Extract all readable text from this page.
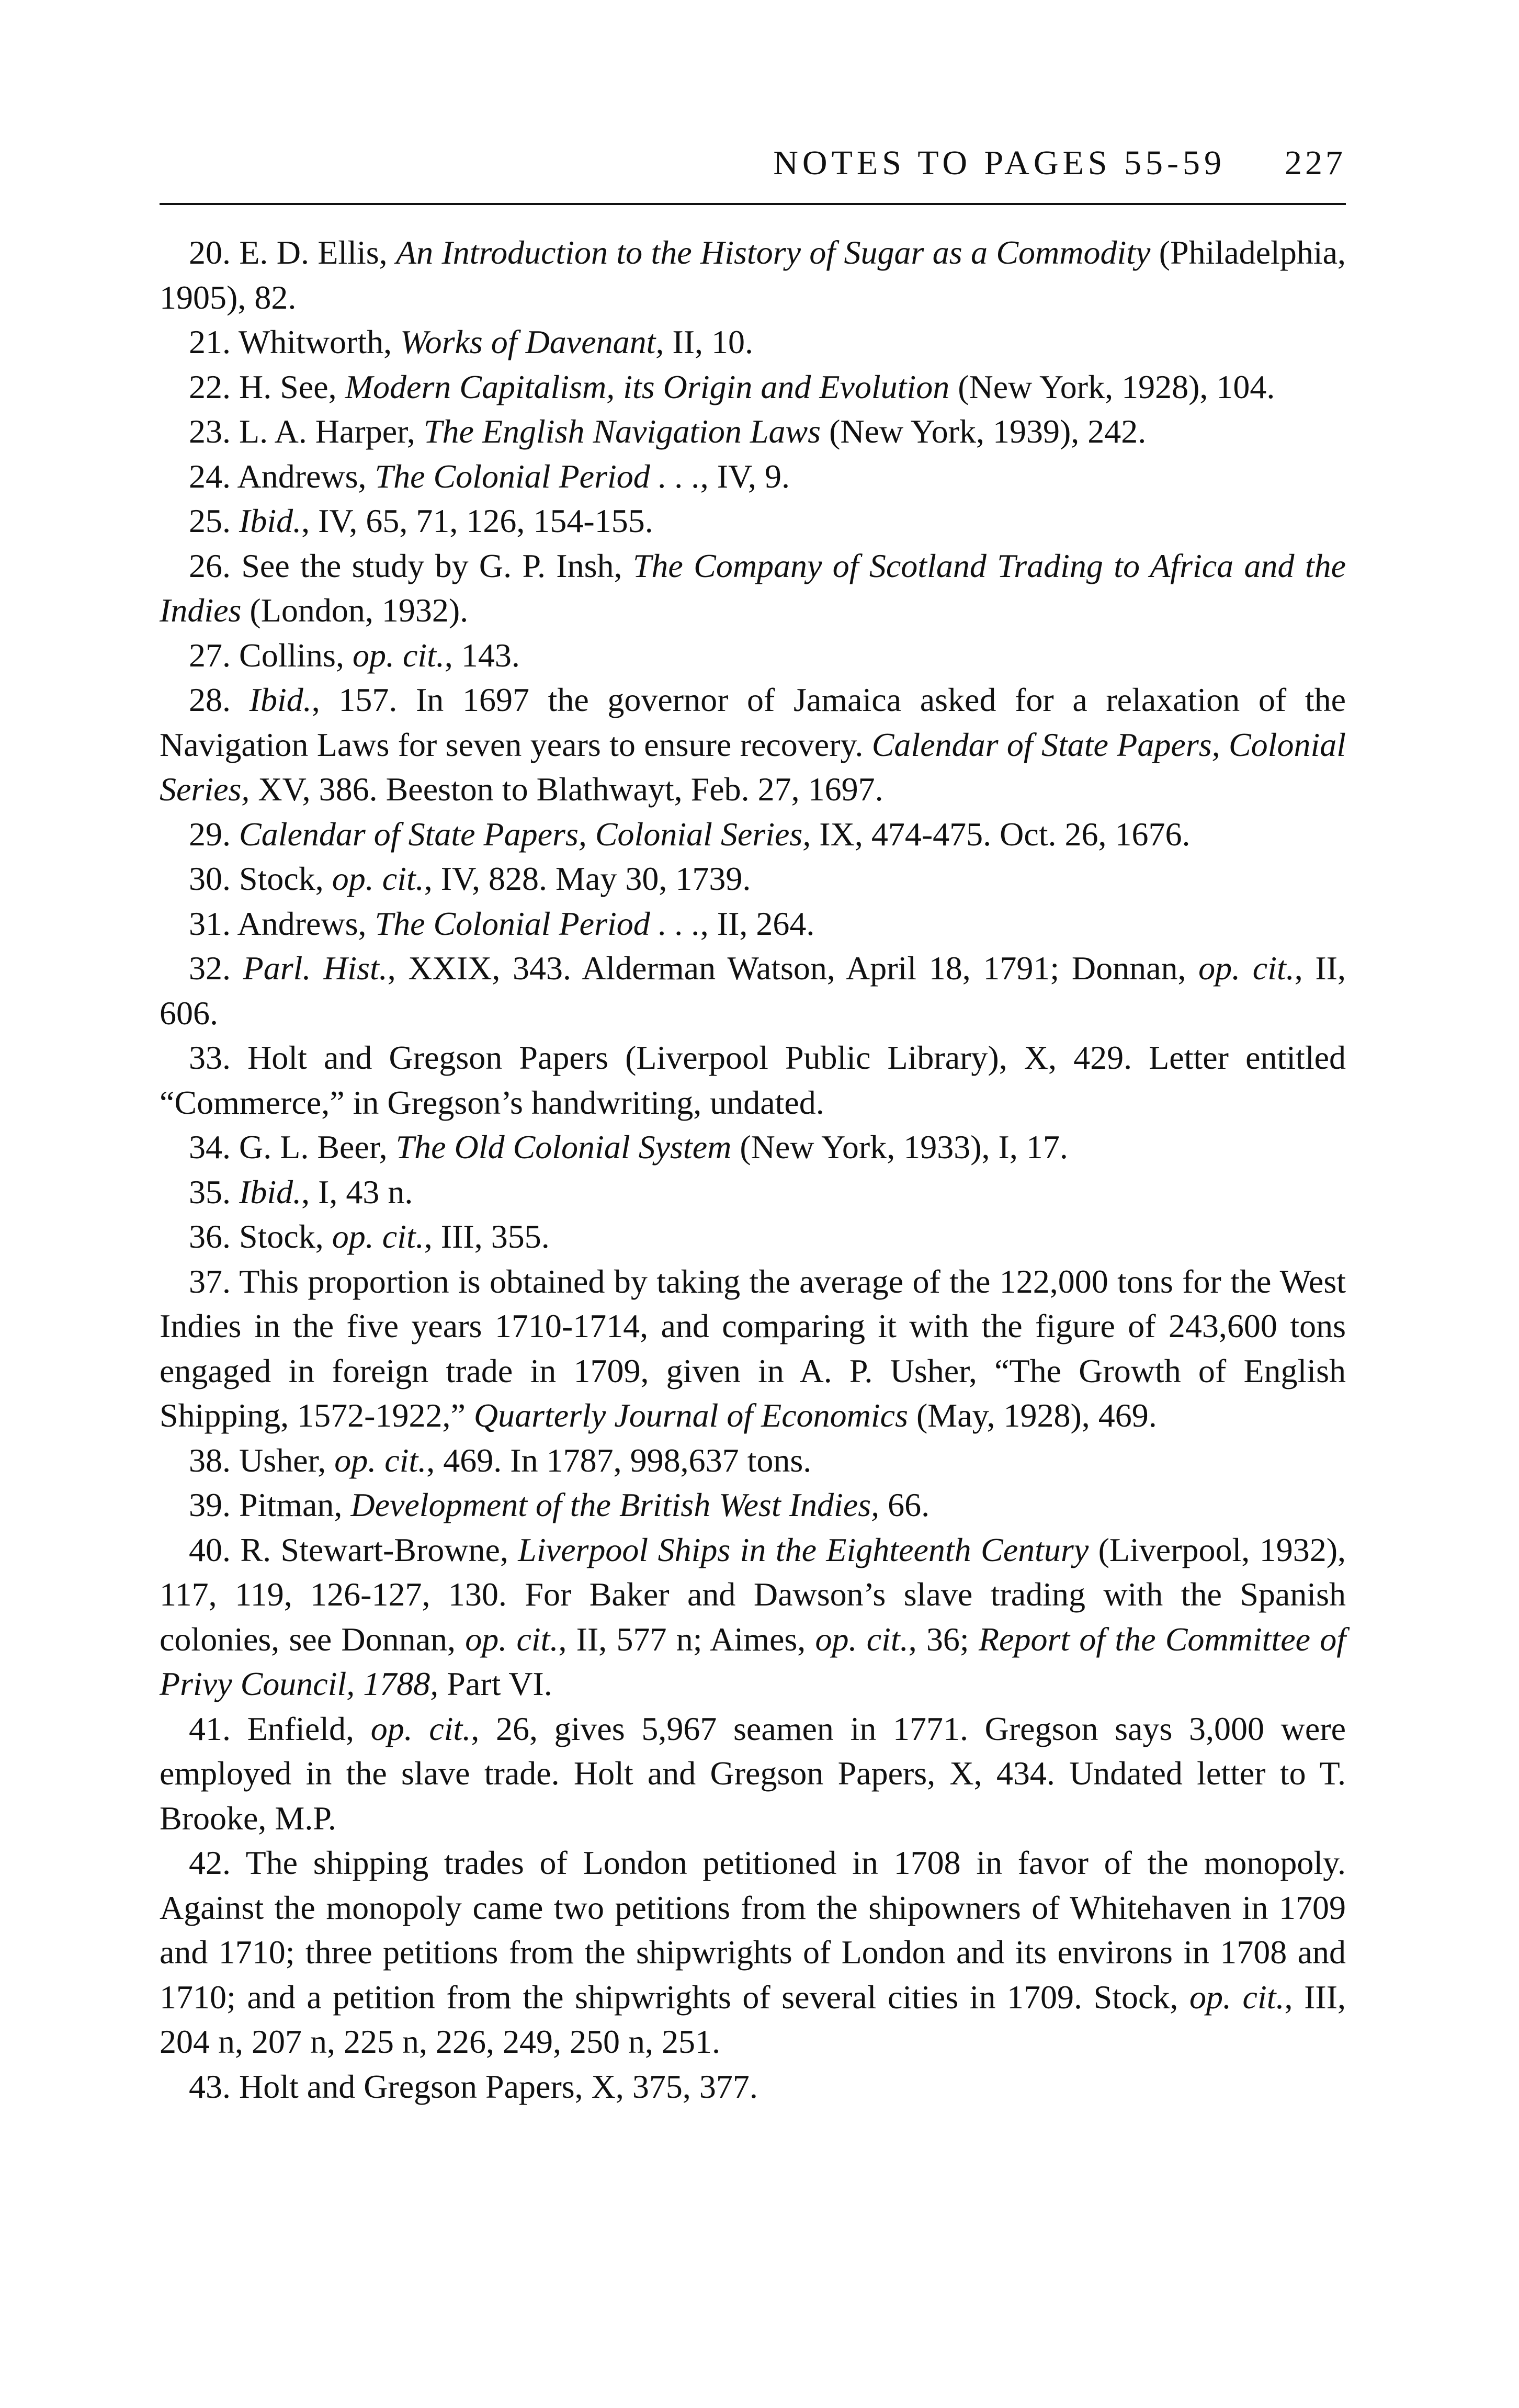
NOTES TO PAGES 55-59 227

20. E. D. Ellis, An Introduction to the History of Sugar as a Commodity (Philadelphia, 1905), 82.

21. Whitworth, Works of Davenant, II, 10.

22. H. See, Modern Capitalism, its Origin and Evolution (New York, 1928), 104.

23. L. A. Harper, The English Navigation Laws (New York, 1939), 242.

24. Andrews, The Colonial Period . . ., IV, 9.

25. Ibid., IV, 65, 71, 126, 154-155.

26. See the study by G. P. Insh, The Company of Scotland Trading to Africa and the Indies (London, 1932).

27. Collins, op. cit., 143.

28. Ibid., 157. In 1697 the governor of Jamaica asked for a relaxation of the Navigation Laws for seven years to ensure recovery. Calendar of State Papers, Colonial Series, XV, 386. Beeston to Blathwayt, Feb. 27, 1697.

29. Calendar of State Papers, Colonial Series, IX, 474-475. Oct. 26, 1676.

30. Stock, op. cit., IV, 828. May 30, 1739.

31. Andrews, The Colonial Period . . ., II, 264.

32. Parl. Hist., XXIX, 343. Alderman Watson, April 18, 1791; Donnan, op. cit., II, 606.

33. Holt and Gregson Papers (Liverpool Public Library), X, 429. Letter entitled “Commerce,” in Gregson’s handwriting, undated.

34. G. L. Beer, The Old Colonial System (New York, 1933), I, 17.

35. Ibid., I, 43 n.

36. Stock, op. cit., III, 355.

37. This proportion is obtained by taking the average of the 122,000 tons for the West Indies in the five years 1710-1714, and comparing it with the figure of 243,600 tons engaged in foreign trade in 1709, given in A. P. Usher, “The Growth of English Shipping, 1572-1922,” Quarterly Journal of Economics (May, 1928), 469.

38. Usher, op. cit., 469. In 1787, 998,637 tons.

39. Pitman, Development of the British West Indies, 66.

40. R. Stewart-Browne, Liverpool Ships in the Eighteenth Century (Liverpool, 1932), 117, 119, 126-127, 130. For Baker and Dawson’s slave trading with the Spanish colonies, see Donnan, op. cit., II, 577 n; Aimes, op. cit., 36; Report of the Committee of Privy Council, 1788, Part VI.

41. Enfield, op. cit., 26, gives 5,967 seamen in 1771. Gregson says 3,000 were employed in the slave trade. Holt and Gregson Papers, X, 434. Undated letter to T. Brooke, M.P.

42. The shipping trades of London petitioned in 1708 in favor of the monopoly. Against the monopoly came two petitions from the shipowners of Whitehaven in 1709 and 1710; three petitions from the shipwrights of London and its environs in 1708 and 1710; and a petition from the shipwrights of several cities in 1709. Stock, op. cit., III, 204 n, 207 n, 225 n, 226, 249, 250 n, 251.

43. Holt and Gregson Papers, X, 375, 377.
